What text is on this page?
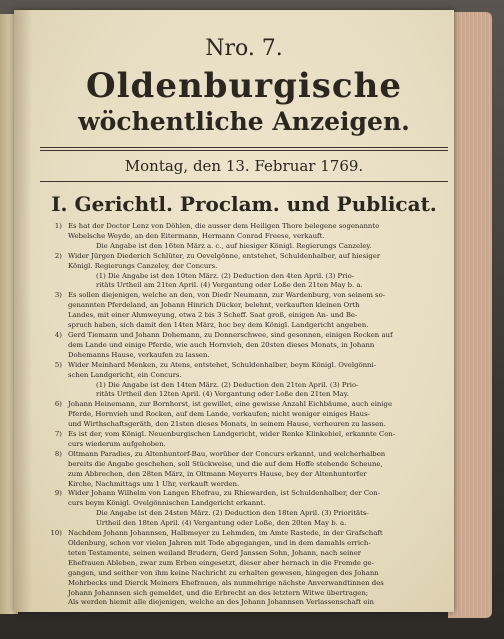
Nro. 7.
Oldenburgische
wöchentliche Anzeigen.
Montag, den 13. Februar 1769.
I. Gerichtl. Proclam. und Publicat.
1) Es hat der Doctor Lenz von Döhlen, die ausser dem Heiligen Thore belegene sogenannte
Webelsche Weyde, an den Eitermann, Hermann Conrad Freese, verkauft.
Die Angabe ist den 16ten März a. c., auf hiesiger Königl. Regierungs Canzeley.
2) Wider Jürgen Diederich Schlüter, zu Oevelgönne, entstehet, Schuldenhalber, auf hiesiger
Königl. Regierungs Canzeley, der Concurs.
(1) Die Angabe ist den 10ten März. (2) Deduction den 4ten April. (3) Prio-
ritäts Urtheil am 21ten April. (4) Vergantung oder Loße den 21ten May b. a.
3) Es sollen diejenigen, welche an den, von Diedr Neumann, zur Wardenburg, von seinem so-
genannten Pferdeland, an Johann Hinrich Dücker, belehnt, verkauften kleinen Orth
Landes, mit einer Ahmweyung, etwa 2 bis 3 Scheff. Saat groß, einigen An- und Be-
spruch haben, sich damit den 14ten März, hoc bey dem Königl. Landgericht angeben.
4) Gerd Tiemann und Johann Dohemann, zu Donnerschwee, sind gesonnen, einigen Rocken auf
dem Lande und einige Pferde, wie auch Hornvieh, den 20sten dieses Monats, in Johann
Dohemanns Hause, verkaufen zu lassen.
5) Wider Meinhard Menken, zu Atens, entstehet, Schuldenhalber, beym Königl. Ovelgönni-
schen Landgericht, ein Concurs.
(1) Die Angabe ist den 14ten März. (2) Deduction den 21ten April. (3) Prio-
ritäts Urtheil den 12ten April. (4) Vergantung oder Loße den 21ten May.
6) Johann Heinemann, zur Bornhorst, ist gewillet, eine gewisse Anzahl Eichbäume, auch einige
Pferde, Hornvieh und Rocken, auf dem Lande, verkaufen; nicht weniger einiges Haus-
und Wirthschaftsgeräth, den 21sten dieses Monats, in seinem Hause, verheuren zu lassen.
7) Es ist der, vom Königl. Neuenburgischen Landgericht, wider Renke Klinkebiel, erkannte Con-
curs wiederum aufgehoben.
8) Oltmann Paradies, zu Altenhuntorf-Bau, worüber der Concurs erkannt, und welcherhalben
bereits die Angabe geschehen, soll Stückweise, und die auf dem Hoffe stehende Scheune,
zum Abbrechen, den 28ten März, in Oltmann Meyerrs Hause, bey der Altenhuntorfer
Kirche, Nachmittags um 1 Uhr, verkauft werden.
9) Wider Johann Wilhelm von Langen Ehefrau, zu Rhiewarden, ist Schuldenhalber, der Con-
curs beym Königl. Ovelgönnischen Landgericht erkannt.
Die Angabe ist den 24sten März. (2) Deduction den 18ten April. (3) Prioritäts-
Urtheil den 18ten April. (4) Vergantung oder Loße, den 20ten May b. a.
10) Nachdem Johann Johannsen, Halbmeyer zu Lehmden, im Amte Rastede, in der Grafschaft
Oldenburg, schon vor vielen Jahren mit Tode abgegangen, und in dem damahls errich-
teten Testamente, seinen weiland Brudern, Gerd Janssen Sohn, Johann, nach seiner
Ehefrauen Ableben, zwar zum Erben eingesetzt, dieser aber hernach in die Fremde ge-
gangen, und seither von ihm keine Nachricht zu erhalten gewesen, hingegen des Johann
Mohrbecks und Dierck Meiners Ehefrauen, als nunmehrige nächste Anverwandtinnen des
Johann Johannsen sich gemeldet, und die Erbrecht an des letztern Witwe übertragen;
Als werden hiemit alle diejenigen, welche an des Johann Johannsen Verlassenschaft ein
